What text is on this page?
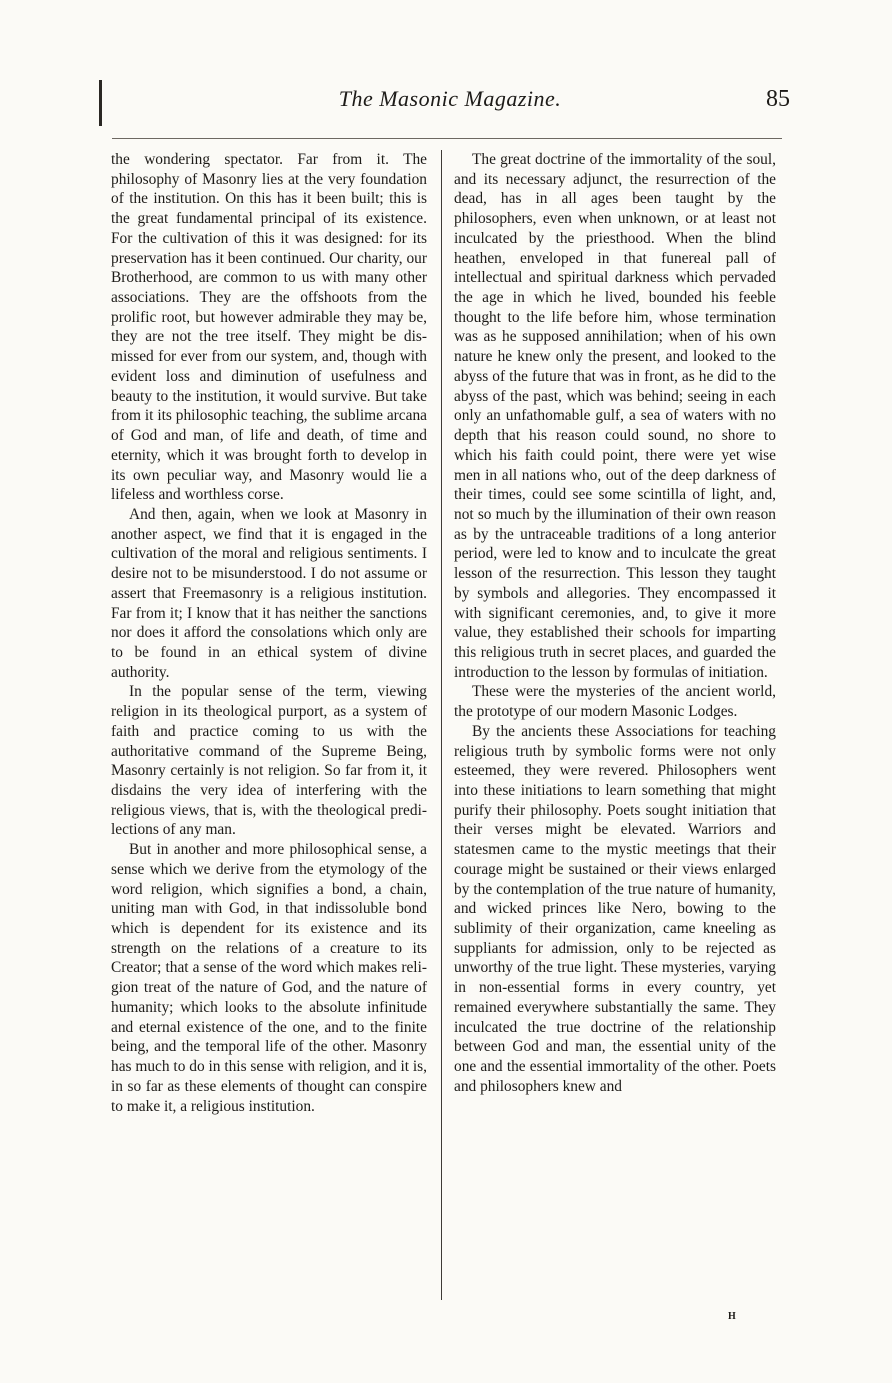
The Masonic Magazine.	85

the wondering spectator. Far from it. The philosophy of Masonry lies at the very foundation of the institution. On this has it been built; this is the great fundamental principal of its existence. For the cultivation of this it was designed: for its preservation has it been continued. Our charity, our Brotherhood, are common to us with many other associations. They are the offshoots from the prolific root, but however admirable they may be, they are not the tree itself. They might be dismissed for ever from our system, and, though with evident loss and diminution of usefulness and beauty to the institution, it would survive. But take from it its philosophic teaching, the sublime arcana of God and man, of life and death, of time and eternity, which it was brought forth to develop in its own peculiar way, and Masonry would lie a lifeless and worthless corse.

And then, again, when we look at Masonry in another aspect, we find that it is engaged in the cultivation of the moral and religious sentiments. I desire not to be misunderstood. I do not assume or assert that Freemasonry is a religious institution. Far from it; I know that it has neither the sanctions nor does it afford the consolations which only are to be found in an ethical system of divine authority.

In the popular sense of the term, viewing religion in its theological purport, as a system of faith and practice coming to us with the authoritative command of the Supreme Being, Masonry certainly is not religion. So far from it, it disdains the very idea of interfering with the religious views, that is, with the theological predilections of any man.

But in another and more philosophical sense, a sense which we derive from the etymology of the word religion, which signifies a bond, a chain, uniting man with God, in that indissoluble bond which is dependent for its existence and its strength on the relations of a creature to its Creator; that a sense of the word which makes religion treat of the nature of God, and the nature of humanity; which looks to the absolute infinitude and eternal existence of the one, and to the finite being, and the temporal life of the other. Masonry has much to do in this sense with religion, and it is, in so far as these elements of thought can conspire to make it, a religious institution.

The great doctrine of the immortality of the soul, and its necessary adjunct, the resurrection of the dead, has in all ages been taught by the philosophers, even when unknown, or at least not inculcated by the priesthood. When the blind heathen, enveloped in that funereal pall of intellectual and spiritual darkness which pervaded the age in which he lived, bounded his feeble thought to the life before him, whose termination was as he supposed annihilation; when of his own nature he knew only the present, and looked to the abyss of the future that was in front, as he did to the abyss of the past, which was behind; seeing in each only an unfathomable gulf, a sea of waters with no depth that his reason could sound, no shore to which his faith could point, there were yet wise men in all nations who, out of the deep darkness of their times, could see some scintilla of light, and, not so much by the illumination of their own reason as by the untraceable traditions of a long anterior period, were led to know and to inculcate the great lesson of the resurrection. This lesson they taught by symbols and allegories. They encompassed it with significant ceremonies, and, to give it more value, they established their schools for imparting this religious truth in secret places, and guarded the introduction to the lesson by formulas of initiation.

These were the mysteries of the ancient world, the prototype of our modern Masonic Lodges.

By the ancients these Associations for teaching religious truth by symbolic forms were not only esteemed, they were revered. Philosophers went into these initiations to learn something that might purify their philosophy. Poets sought initiation that their verses might be elevated. Warriors and statesmen came to the mystic meetings that their courage might be sustained or their views enlarged by the contemplation of the true nature of humanity, and wicked princes like Nero, bowing to the sublimity of their organization, came kneeling as suppliants for admission, only to be rejected as unworthy of the true light. These mysteries, varying in non-essential forms in every country, yet remained everywhere substantially the same. They inculcated the true doctrine of the relationship between God and man, the essential unity of the one and the essential immortality of the other. Poets and philosophers knew and

H
